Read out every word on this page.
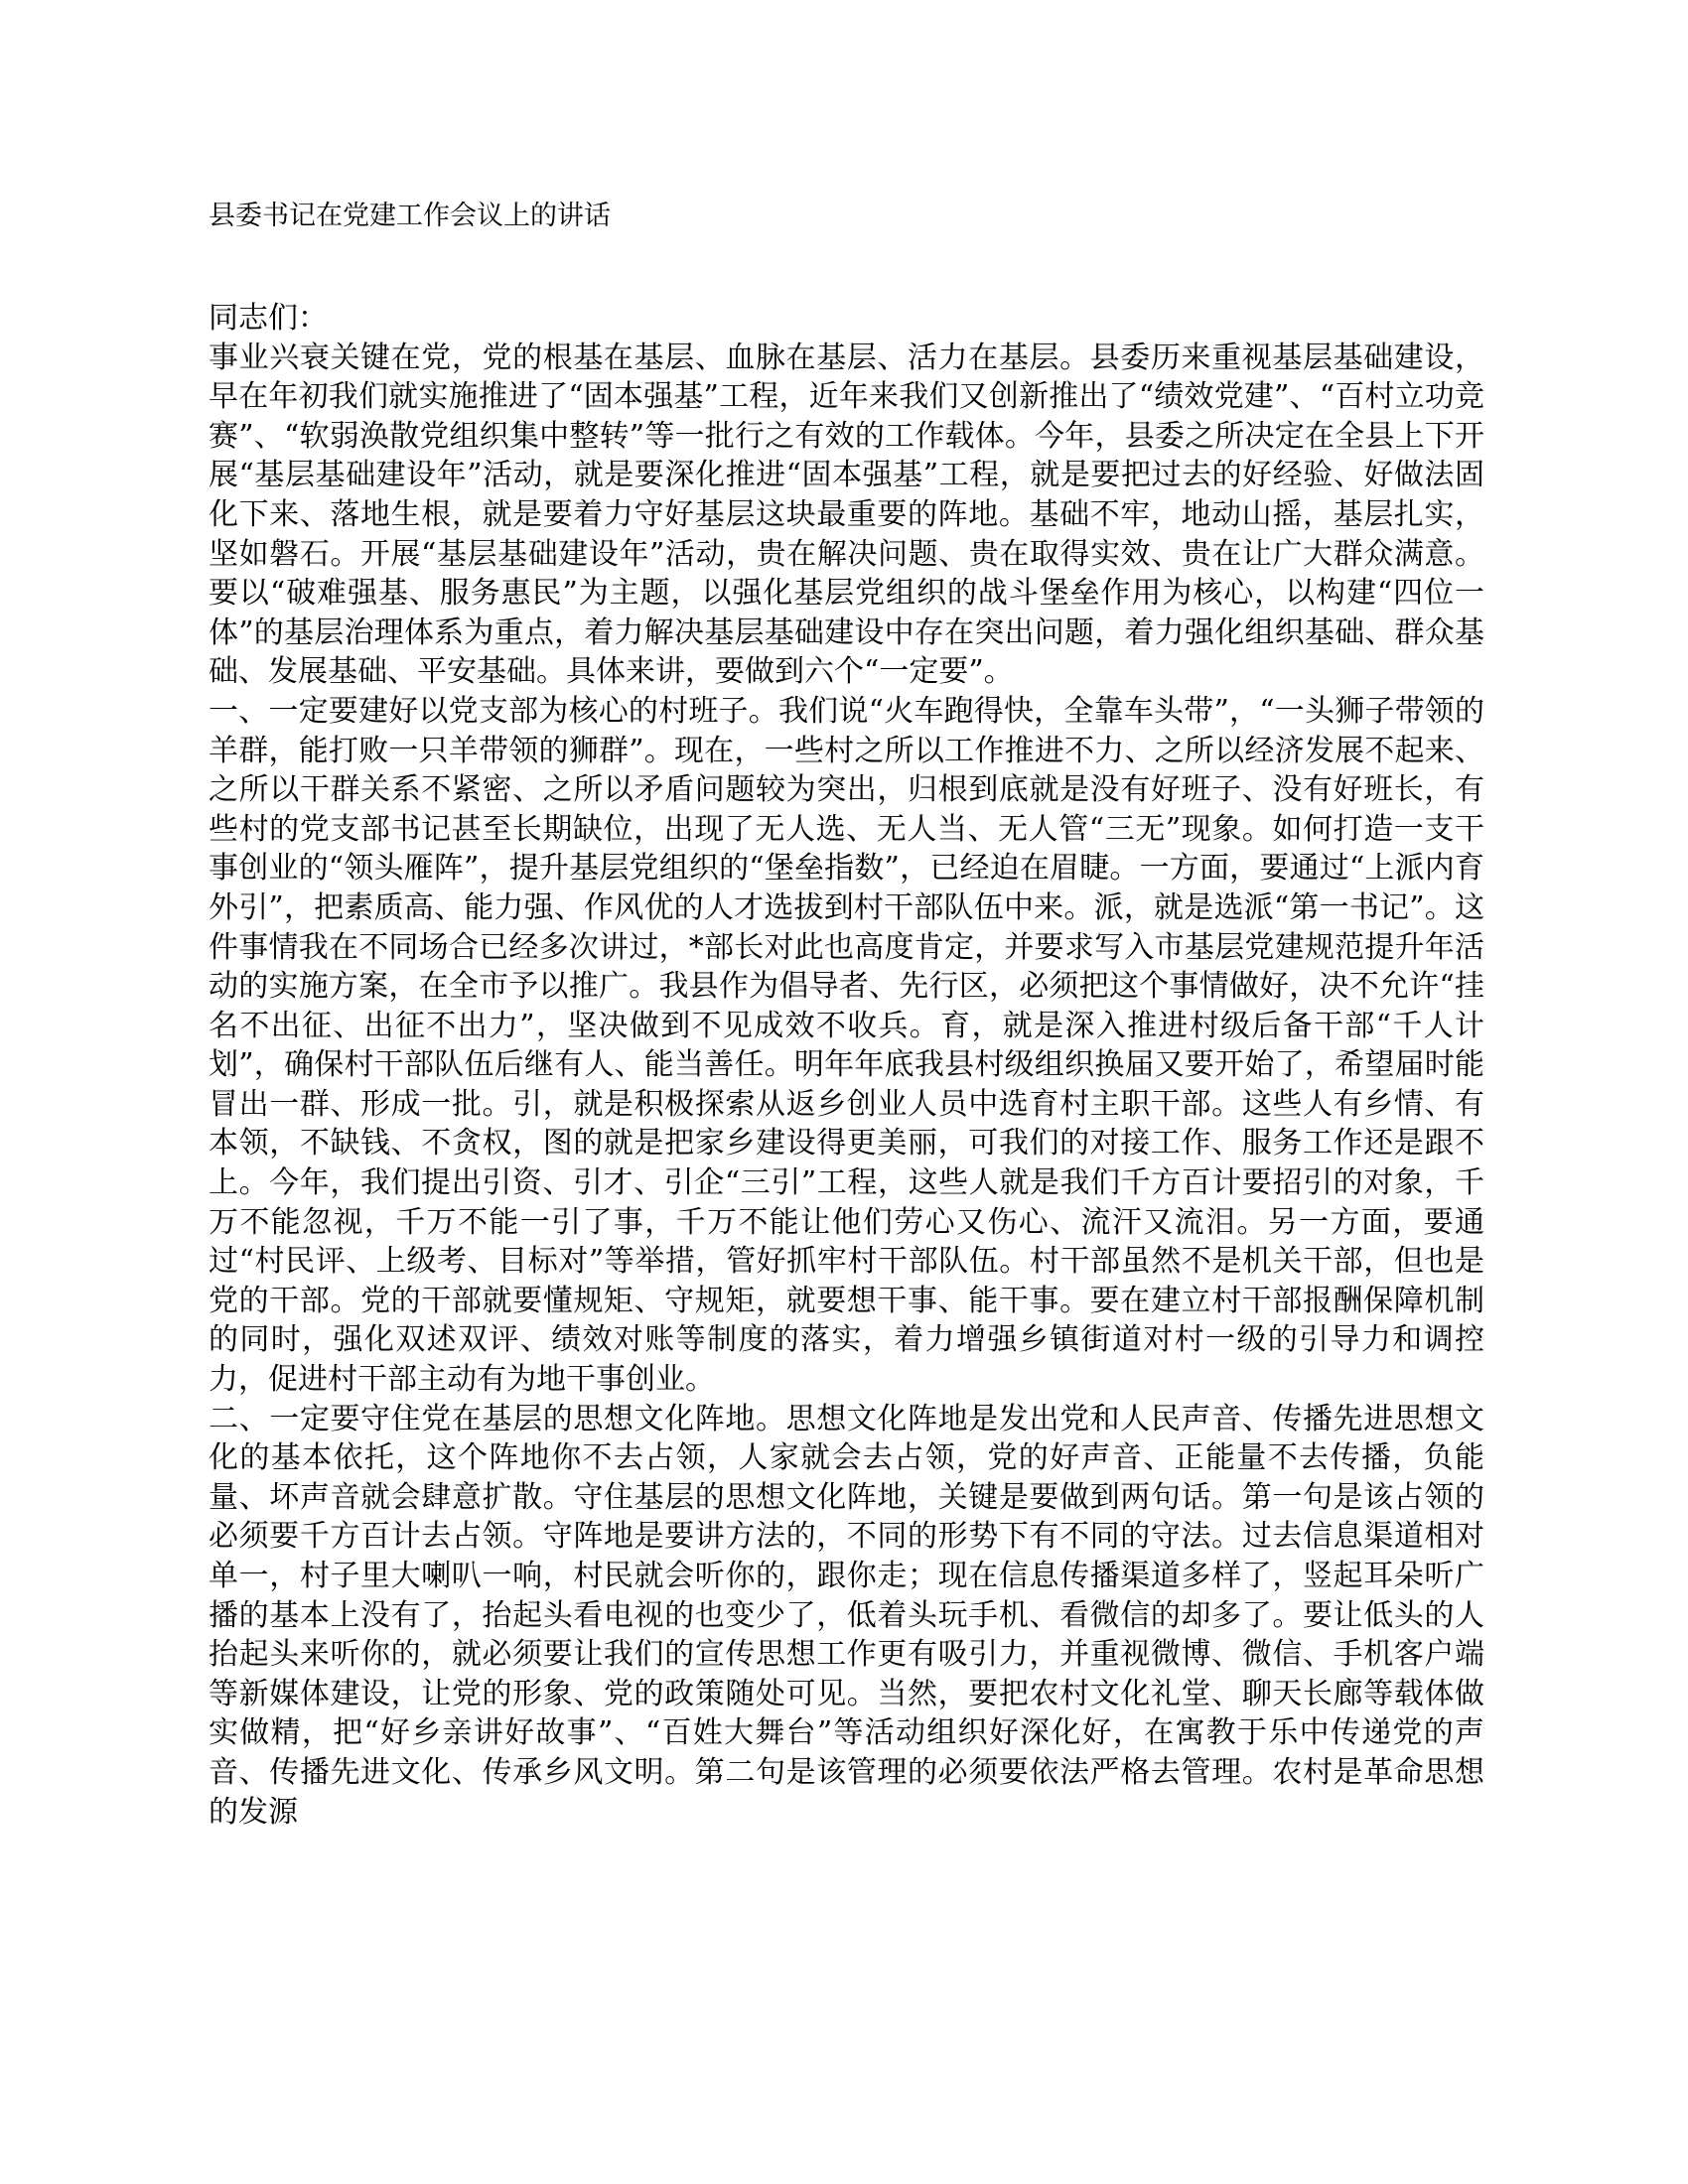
县委书记在党建工作会议上的讲话

同志们：

事业兴衰关键在党，党的根基在基层、血脉在基层、活力在基层。县委历来重视基层基础建设，早在年初我们就实施推进了“固本强基”工程，近年来我们又创新推出了“绩效党建”、“百村立功竞赛”、“软弱涣散党组织集中整转”等一批行之有效的工作载体。今年，县委之所决定在全县上下开展“基层基础建设年”活动，就是要深化推进“固本强基”工程，就是要把过去的好经验、好做法固化下来、落地生根，就是要着力守好基层这块最重要的阵地。基础不牢，地动山摇，基层扎实，坚如磐石。开展“基层基础建设年”活动，贵在解决问题、贵在取得实效、贵在让广大群众满意。要以“破难强基、服务惠民”为主题，以强化基层党组织的战斗堡垒作用为核心，以构建“四位一体”的基层治理体系为重点，着力解决基层基础建设中存在突出问题，着力强化组织基础、群众基础、发展基础、平安基础。具体来讲，要做到六个“一定要”。

一、一定要建好以党支部为核心的村班子。我们说“火车跑得快，全靠车头带”，“一头狮子带领的羊群，能打败一只羊带领的狮群”。现在，一些村之所以工作推进不力、之所以经济发展不起来、之所以干群关系不紧密、之所以矛盾问题较为突出，归根到底就是没有好班子、没有好班长，有些村的党支部书记甚至长期缺位，出现了无人选、无人当、无人管“三无”现象。如何打造一支干事创业的“领头雁阵”，提升基层党组织的“堡垒指数”，已经迫在眉睫。一方面，要通过“上派内育外引”，把素质高、能力强、作风优的人才选拔到村干部队伍中来。派，就是选派“第一书记”。这件事情我在不同场合已经多次讲过，*部长对此也高度肯定，并要求写入市基层党建规范提升年活动的实施方案，在全市予以推广。我县作为倡导者、先行区，必须把这个事情做好，决不允许“挂名不出征、出征不出力”，坚决做到不见成效不收兵。育，就是深入推进村级后备干部“千人计划”，确保村干部队伍后继有人、能当善任。明年年底我县村级组织换届又要开始了，希望届时能冒出一群、形成一批。引，就是积极探索从返乡创业人员中选育村主职干部。这些人有乡情、有本领，不缺钱、不贪权，图的就是把家乡建设得更美丽，可我们的对接工作、服务工作还是跟不上。今年，我们提出引资、引才、引企“三引”工程，这些人就是我们千方百计要招引的对象，千万不能忽视，千万不能一引了事，千万不能让他们劳心又伤心、流汗又流泪。另一方面，要通过“村民评、上级考、目标对”等举措，管好抓牢村干部队伍。村干部虽然不是机关干部，但也是党的干部。党的干部就要懂规矩、守规矩，就要想干事、能干事。要在建立村干部报酬保障机制的同时，强化双述双评、绩效对账等制度的落实，着力增强乡镇街道对村一级的引导力和调控力，促进村干部主动有为地干事创业。

二、一定要守住党在基层的思想文化阵地。思想文化阵地是发出党和人民声音、传播先进思想文化的基本依托，这个阵地你不去占领，人家就会去占领，党的好声音、正能量不去传播，负能量、坏声音就会肆意扩散。守住基层的思想文化阵地，关键是要做到两句话。第一句是该占领的必须要千方百计去占领。守阵地是要讲方法的，不同的形势下有不同的守法。过去信息渠道相对单一，村子里大喇叭一响，村民就会听你的，跟你走；现在信息传播渠道多样了，竖起耳朵听广播的基本上没有了，抬起头看电视的也变少了，低着头玩手机、看微信的却多了。要让低头的人抬起头来听你的，就必须要让我们的宣传思想工作更有吸引力，并重视微博、微信、手机客户端等新媒体建设，让党的形象、党的政策随处可见。当然，要把农村文化礼堂、聊天长廊等载体做实做精，把“好乡亲讲好故事”、“百姓大舞台”等活动组织好深化好，在寓教于乐中传递党的声音、传播先进文化、传承乡风文明。第二句是该管理的必须要依法严格去管理。农村是革命思想的发源
